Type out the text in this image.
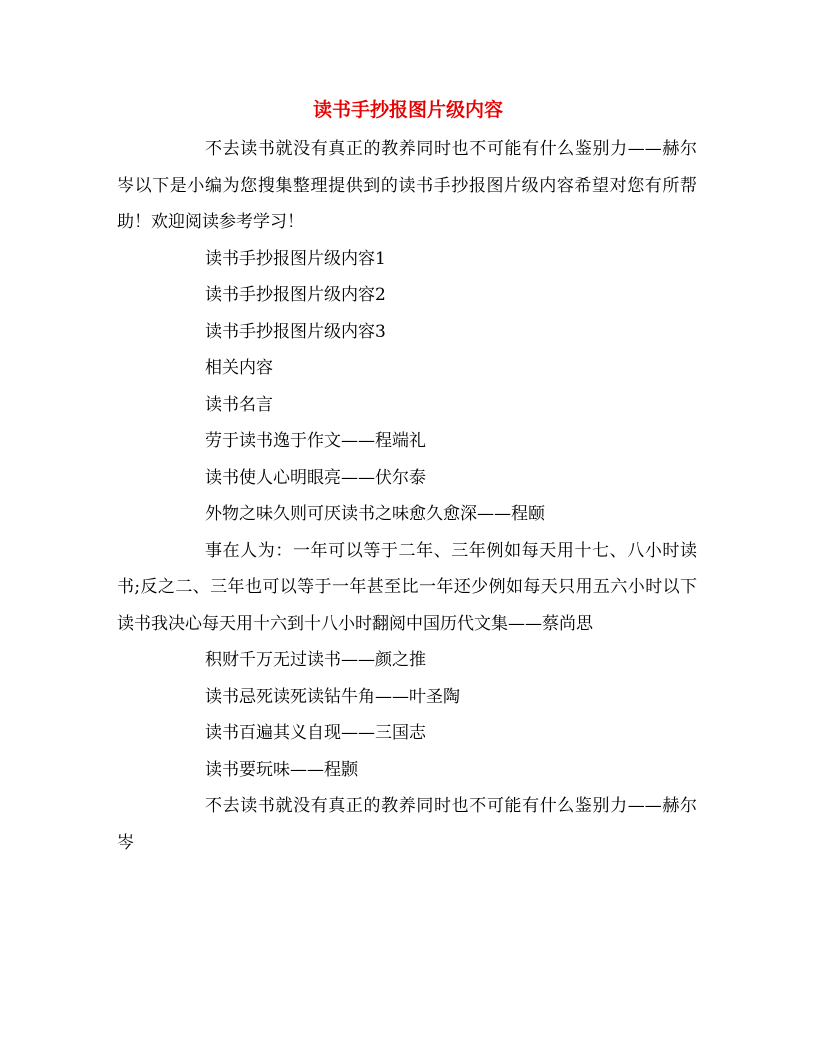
读书手抄报图片级内容

不去读书就没有真正的教养同时也不可能有什么鉴别力——赫尔岑以下是小编为您搜集整理提供到的读书手抄报图片级内容希望对您有所帮助！欢迎阅读参考学习！

读书手抄报图片级内容1

读书手抄报图片级内容2

读书手抄报图片级内容3

相关内容

读书名言

劳于读书逸于作文——程端礼

读书使人心明眼亮——伏尔泰

外物之味久则可厌读书之味愈久愈深——程颐

事在人为：一年可以等于二年、三年例如每天用十七、八小时读书;反之二、三年也可以等于一年甚至比一年还少例如每天只用五六小时以下读书我决心每天用十六到十八小时翻阅中国历代文集——蔡尚思

积财千万无过读书——颜之推

读书忌死读死读钻牛角——叶圣陶

读书百遍其义自现——三国志

读书要玩味——程颢

不去读书就没有真正的教养同时也不可能有什么鉴别力——赫尔岑
